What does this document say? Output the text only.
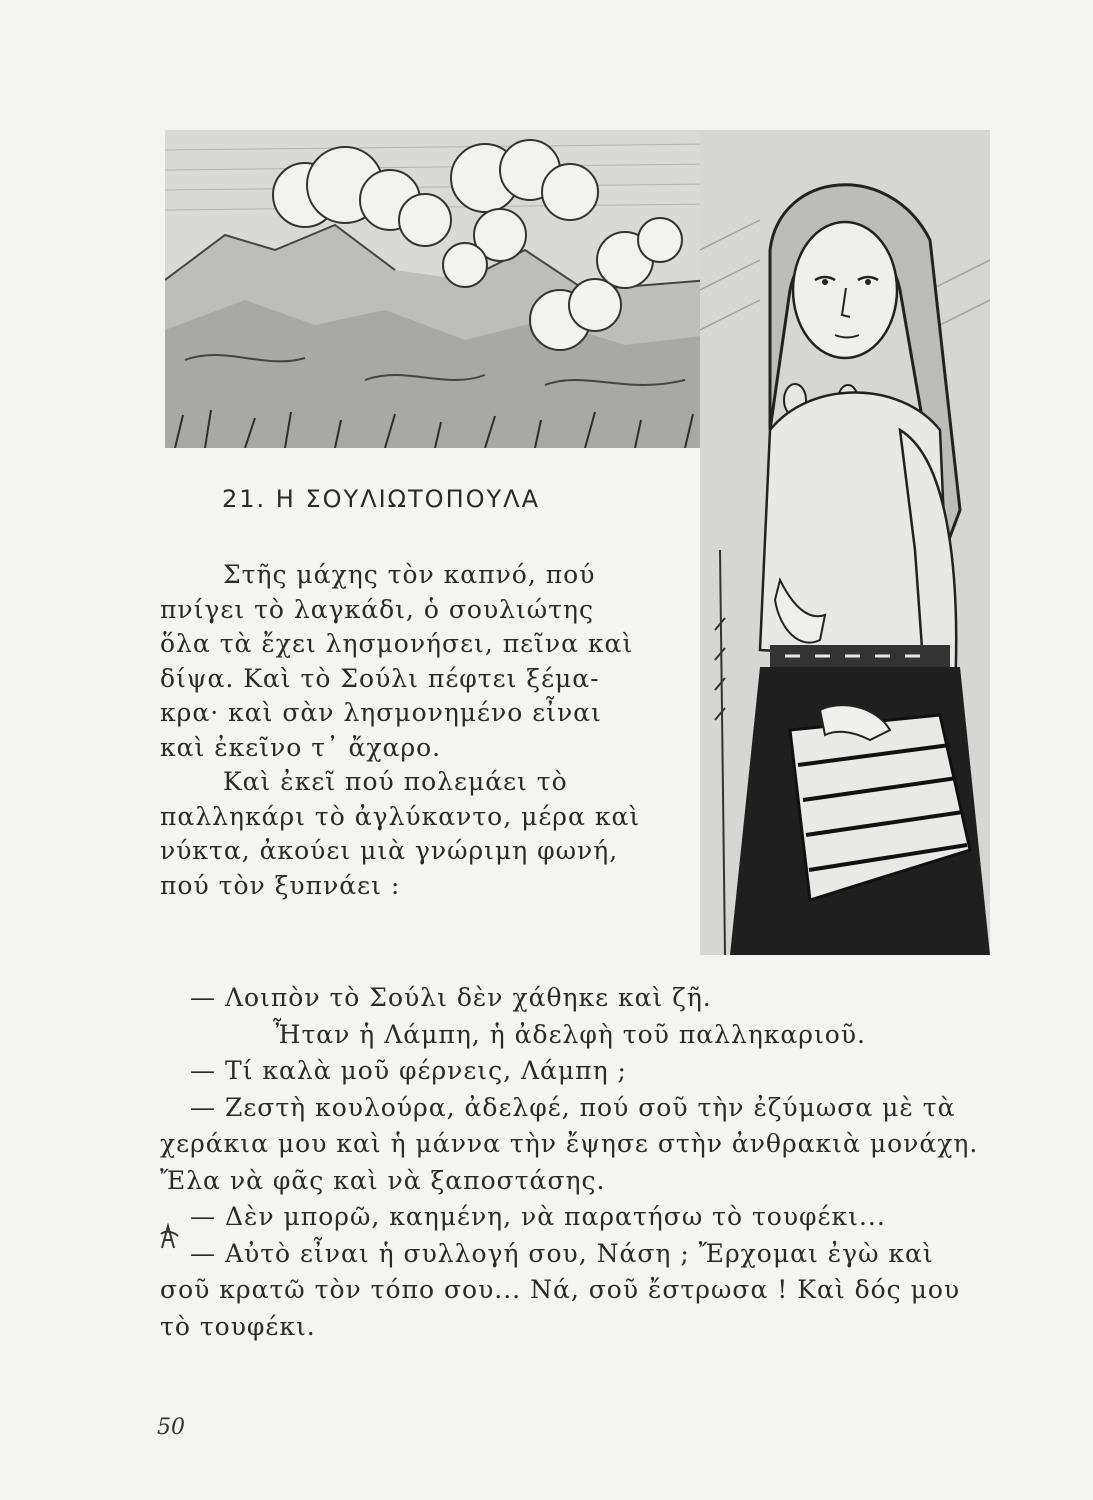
21. Η ΣΟΥΛΙΩΤΟΠΟΥΛΑ
Στῆς μάχης τὸν καπνό, πού
πνίγει τὸ λαγκάδι, ὁ σουλιώτης
ὅλα τὰ ἔχει λησμονήσει, πεῖνα καὶ
δίψα. Καὶ τὸ Σούλι πέφτει ξέμα-
κρα· καὶ σὰν λησμονημένο εἶναι
καὶ ἐκεῖνο τ᾽ ἄχαρο.
Καὶ ἐκεῖ πού πολεμάει τὸ
παλληκάρι τὸ ἀγλύκαντο, μέρα καὶ
νύκτα, ἀκούει μιὰ γνώριμη φωνή,
πού τὸν ξυπνάει :
— Λοιπὸν τὸ Σούλι δὲν χάθηκε καὶ ζῆ.
Ἦταν ἡ Λάμπη, ἡ ἀδελφὴ τοῦ παλληκαριοῦ.
— Τί καλὰ μοῦ φέρνεις, Λάμπη ;
— Ζεστὴ κουλούρα, ἀδελφέ, πού σοῦ τὴν ἐζύμωσα μὲ τὰ
χεράκια μου καὶ ἡ μάννα τὴν ἔψησε στὴν ἀνθρακιὰ μονάχη.
Ἔλα νὰ φᾶς καὶ νὰ ξαποστάσης.
— Δὲν μπορῶ, καημένη, νὰ παρατήσω τὸ τουφέκι...
— Αὐτὸ εἶναι ἡ συλλογή σου, Νάση ; Ἔρχομαι ἐγὼ καὶ
σοῦ κρατῶ τὸν τόπο σου... Νά, σοῦ ἔστρωσα ! Καὶ δός μου
τὸ τουφέκι.
50
